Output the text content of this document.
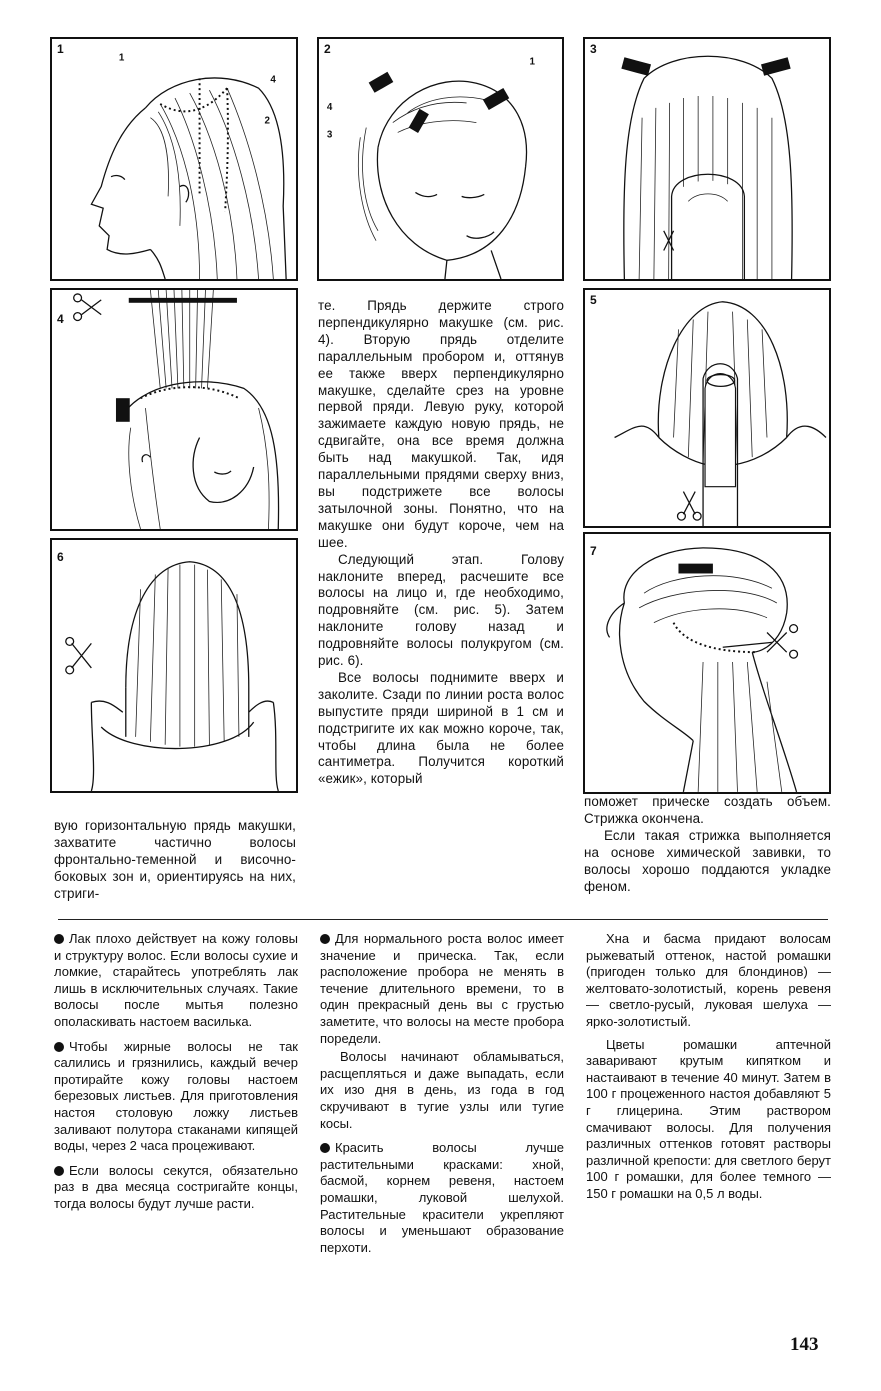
1
1
4
2
2
1
4
3
3
4
5
6	7

вую горизонтальную прядь макушки, захватите частично волосы фронтально-теменной и височно-боковых зон и, ориентируясь на них, стриги-

те. Прядь держите строго перпендикулярно макушке (см. рис. 4). Вторую прядь отделите параллельным пробором и, оттянув ее также вверх перпендикулярно макушке, сделайте срез на уровне первой пряди. Левую руку, которой зажимаете каждую новую прядь, не сдвигайте, она все время должна быть над макушкой. Так, идя параллельными прядями сверху вниз, вы подстрижете все волосы затылочной зоны. Понятно, что на макушке они будут короче, чем на шее.

Следующий этап. Голову наклоните вперед, расчешите все волосы на лицо и, где необходимо, подровняйте (см. рис. 5). Затем наклоните голову назад и подровняйте волосы полукругом (см. рис. 6).

Все волосы поднимите вверх и заколите. Сзади по линии роста волос выпустите пряди шириной в 1 см и подстригите их как можно короче, так, чтобы длина была не более сантиметра. Получится короткий «ежик», который

поможет прическе создать объем. Стрижка окончена.

Если такая стрижка выполняется на основе химической завивки, то волосы хорошо поддаются укладке феном.

Лак плохо действует на кожу головы и структуру волос. Если волосы сухие и ломкие, старайтесь употреблять лак лишь в исключительных случаях. Такие волосы после мытья полезно ополаскивать настоем василька.

Чтобы жирные волосы не так салились и грязнились, каждый вечер протирайте кожу головы настоем березовых листьев. Для приготовления настоя столовую ложку листьев заливают полутора стаканами кипящей воды, через 2 часа процеживают.

Если волосы секутся, обязательно раз в два месяца состригайте концы, тогда волосы будут лучше расти.

Для нормального роста волос имеет значение и прическа. Так, если расположение пробора не менять в течение длительного времени, то в один прекрасный день вы с грустью заметите, что волосы на месте пробора поредели.

Волосы начинают обламываться, расщепляться и даже выпадать, если их изо дня в день, из года в год скручивают в тугие узлы или тугие косы.

Красить волосы лучше растительными красками: хной, басмой, корнем ревеня, настоем ромашки, луковой шелухой. Растительные красители укрепляют волосы и уменьшают образование перхоти.

Хна и басма придают волосам рыжеватый оттенок, настой ромашки (пригоден только для блондинов) — желтовато-золотистый, корень ревеня — светло-русый, луковая шелуха — ярко-золотистый.

Цветы ромашки аптечной заваривают крутым кипятком и настаивают в течение 40 минут. Затем в 100 г процеженного настоя добавляют 5 г глицерина. Этим раствором смачивают волосы. Для получения различных оттенков готовят растворы различной крепости: для светлого берут 100 г ромашки, для более темного — 150 г ромашки на 0,5 л воды.

143
